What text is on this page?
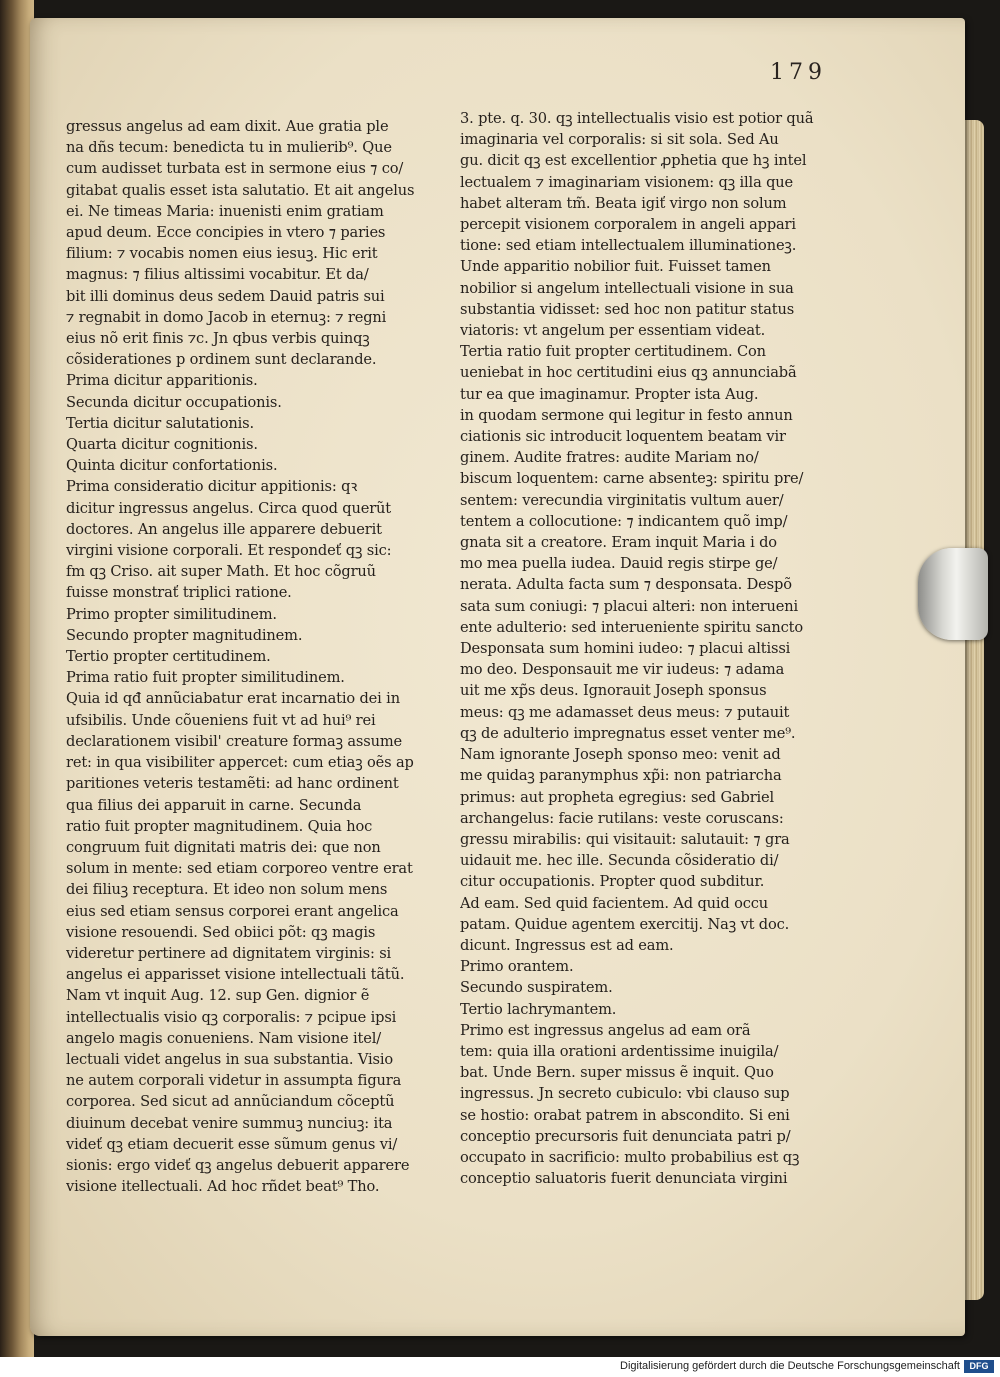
179
gressus angelus ad eam dixit. Aue gratia ple
na dñs tecum: benedicta tu in mulierib⁹. Que
cum audisset turbata est in sermone eius ⁊ co/
gitabat qualis esset ista salutatio. Et ait angelus
ei. Ne timeas Maria: inuenisti enim gratiam
apud deum. Ecce concipies in vtero ⁊ paries
filium: ⁊ vocabis nomen eius iesuꝫ. Hic erit
magnus: ⁊ filius altissimi vocabitur. Et da/
bit illi dominus deus sedem Dauid patris sui
⁊ regnabit in domo Jacob in eternuꝫ: ⁊ regni
eius nõ erit finis ⁊c. Jn qbus verbis quinqꝫ
cõsiderationes p ordinem sunt declarande.
Prima dicitur apparitionis.
Secunda dicitur occupationis.
Tertia dicitur salutationis.
Quarta dicitur cognitionis.
Quinta dicitur confortationis.
Prima consideratio dicitur appitionis: qꝛ
dicitur ingressus angelus. Circa quod querũt
doctores. An angelus ille apparere debuerit
virgini visione corporali. Et respondeť qꝫ sic:
fm qꝫ Criso. ait super Math. Et hoc cõgruũ
fuisse monstrať triplici ratione.
Primo propter similitudinem.
Secundo propter magnitudinem.
Tertio propter certitudinem.
Prima ratio fuit propter similitudinem.
Quia id qđ annũciabatur erat incarnatio dei in
ufsibilis. Unde cõueniens fuit vt ad hui⁹ rei
declarationem visibil' creature formaꝫ assume
ret: in qua visibiliter appercet: cum etiaꝫ oẽs ap
paritiones veteris testamẽti: ad hanc ordinent
qua filius dei apparuit in carne. Secunda
ratio fuit propter magnitudinem. Quia hoc
congruum fuit dignitati matris dei: que non
solum in mente: sed etiam corporeo ventre erat
dei filiuꝫ receptura. Et ideo non solum mens
eius sed etiam sensus corporei erant angelica
visione resouendi. Sed obiici põt: qꝫ magis
videretur pertinere ad dignitatem virginis: si
angelus ei apparisset visione intellectuali tãtũ.
Nam vt inquit Aug. 12. sup Gen. dignior ẽ
intellectualis visio qꝫ corporalis: ⁊ pcipue ipsi
angelo magis conueniens. Nam visione itel/
lectuali videt angelus in sua substantia. Visio
ne autem corporali videtur in assumpta figura
corporea. Sed sicut ad annũciandum cõceptũ
diuinum decebat venire summuꝫ nunciuꝫ: ita
videť qꝫ etiam decuerit esse sũmum genus vi/
sionis: ergo videť qꝫ angelus debuerit apparere
visione itellectuali. Ad hoc rñdet beat⁹ Tho.
3. pte. q. 30. qꝫ intellectualis visio est potior quã
imaginaria vel corporalis: si sit sola. Sed Au
gu. dicit qꝫ est excellentior ꝓphetia que hꝫ intel
lectualem ⁊ imaginariam visionem: qꝫ illa que
habet alteram tm̃. Beata igiť virgo non solum
percepit visionem corporalem in angeli appari
tione: sed etiam intellectualem illuminationeꝫ.
Unde apparitio nobilior fuit. Fuisset tamen
nobilior si angelum intellectuali visione in sua
substantia vidisset: sed hoc non patitur status
viatoris: vt angelum per essentiam videat.
Tertia ratio fuit propter certitudinem. Con
ueniebat in hoc certitudini eius qꝫ annunciabã
tur ea que imaginamur. Propter ista Aug.
in quodam sermone qui legitur in festo annun
ciationis sic introducit loquentem beatam vir
ginem. Audite fratres: audite Mariam no/
biscum loquentem: carne absenteꝫ: spiritu pre/
sentem: verecundia virginitatis vultum auer/
tentem a collocutione: ⁊ indicantem quõ imp/
gnata sit a creatore. Eram inquit Maria i do
mo mea puella iudea. Dauid regis stirpe ge/
nerata. Adulta facta sum ⁊ desponsata. Despõ
sata sum coniugi: ⁊ placui alteri: non interueni
ente adulterio: sed interueniente spiritu sancto
Desponsata sum homini iudeo: ⁊ placui altissi
mo deo. Desponsauit me vir iudeus: ⁊ adama
uit me xp̃s deus. Ignorauit Joseph sponsus
meus: qꝫ me adamasset deus meus: ⁊ putauit
qꝫ de adulterio impregnatus esset venter me⁹.
Nam ignorante Joseph sponso meo: venit ad
me quidaꝫ paranymphus xp̃i: non patriarcha
primus: aut propheta egregius: sed Gabriel
archangelus: facie rutilans: veste coruscans:
gressu mirabilis: qui visitauit: salutauit: ⁊ gra
uidauit me. hec ille. Secunda cõsideratio di/
citur occupationis. Propter quod subditur.
Ad eam. Sed quid facientem. Ad quid occu
patam. Quidue agentem exercitij. Naꝫ vt doc.
dicunt. Ingressus est ad eam.
Primo orantem.
Secundo suspiratem.
Tertio lachrymantem.
Primo est ingressus angelus ad eam orã
tem: quia illa orationi ardentissime inuigila/
bat. Unde Bern. super missus ẽ inquit. Quo
ingressus. Jn secreto cubiculo: vbi clauso sup
se hostio: orabat patrem in abscondito. Si eni
conceptio precursoris fuit denunciata patri p/
occupato in sacrificio: multo probabilius est qꝫ
conceptio saluatoris fuerit denunciata virgini
Digitalisierung gefördert durch die Deutsche Forschungsgemeinschaft	DFG
